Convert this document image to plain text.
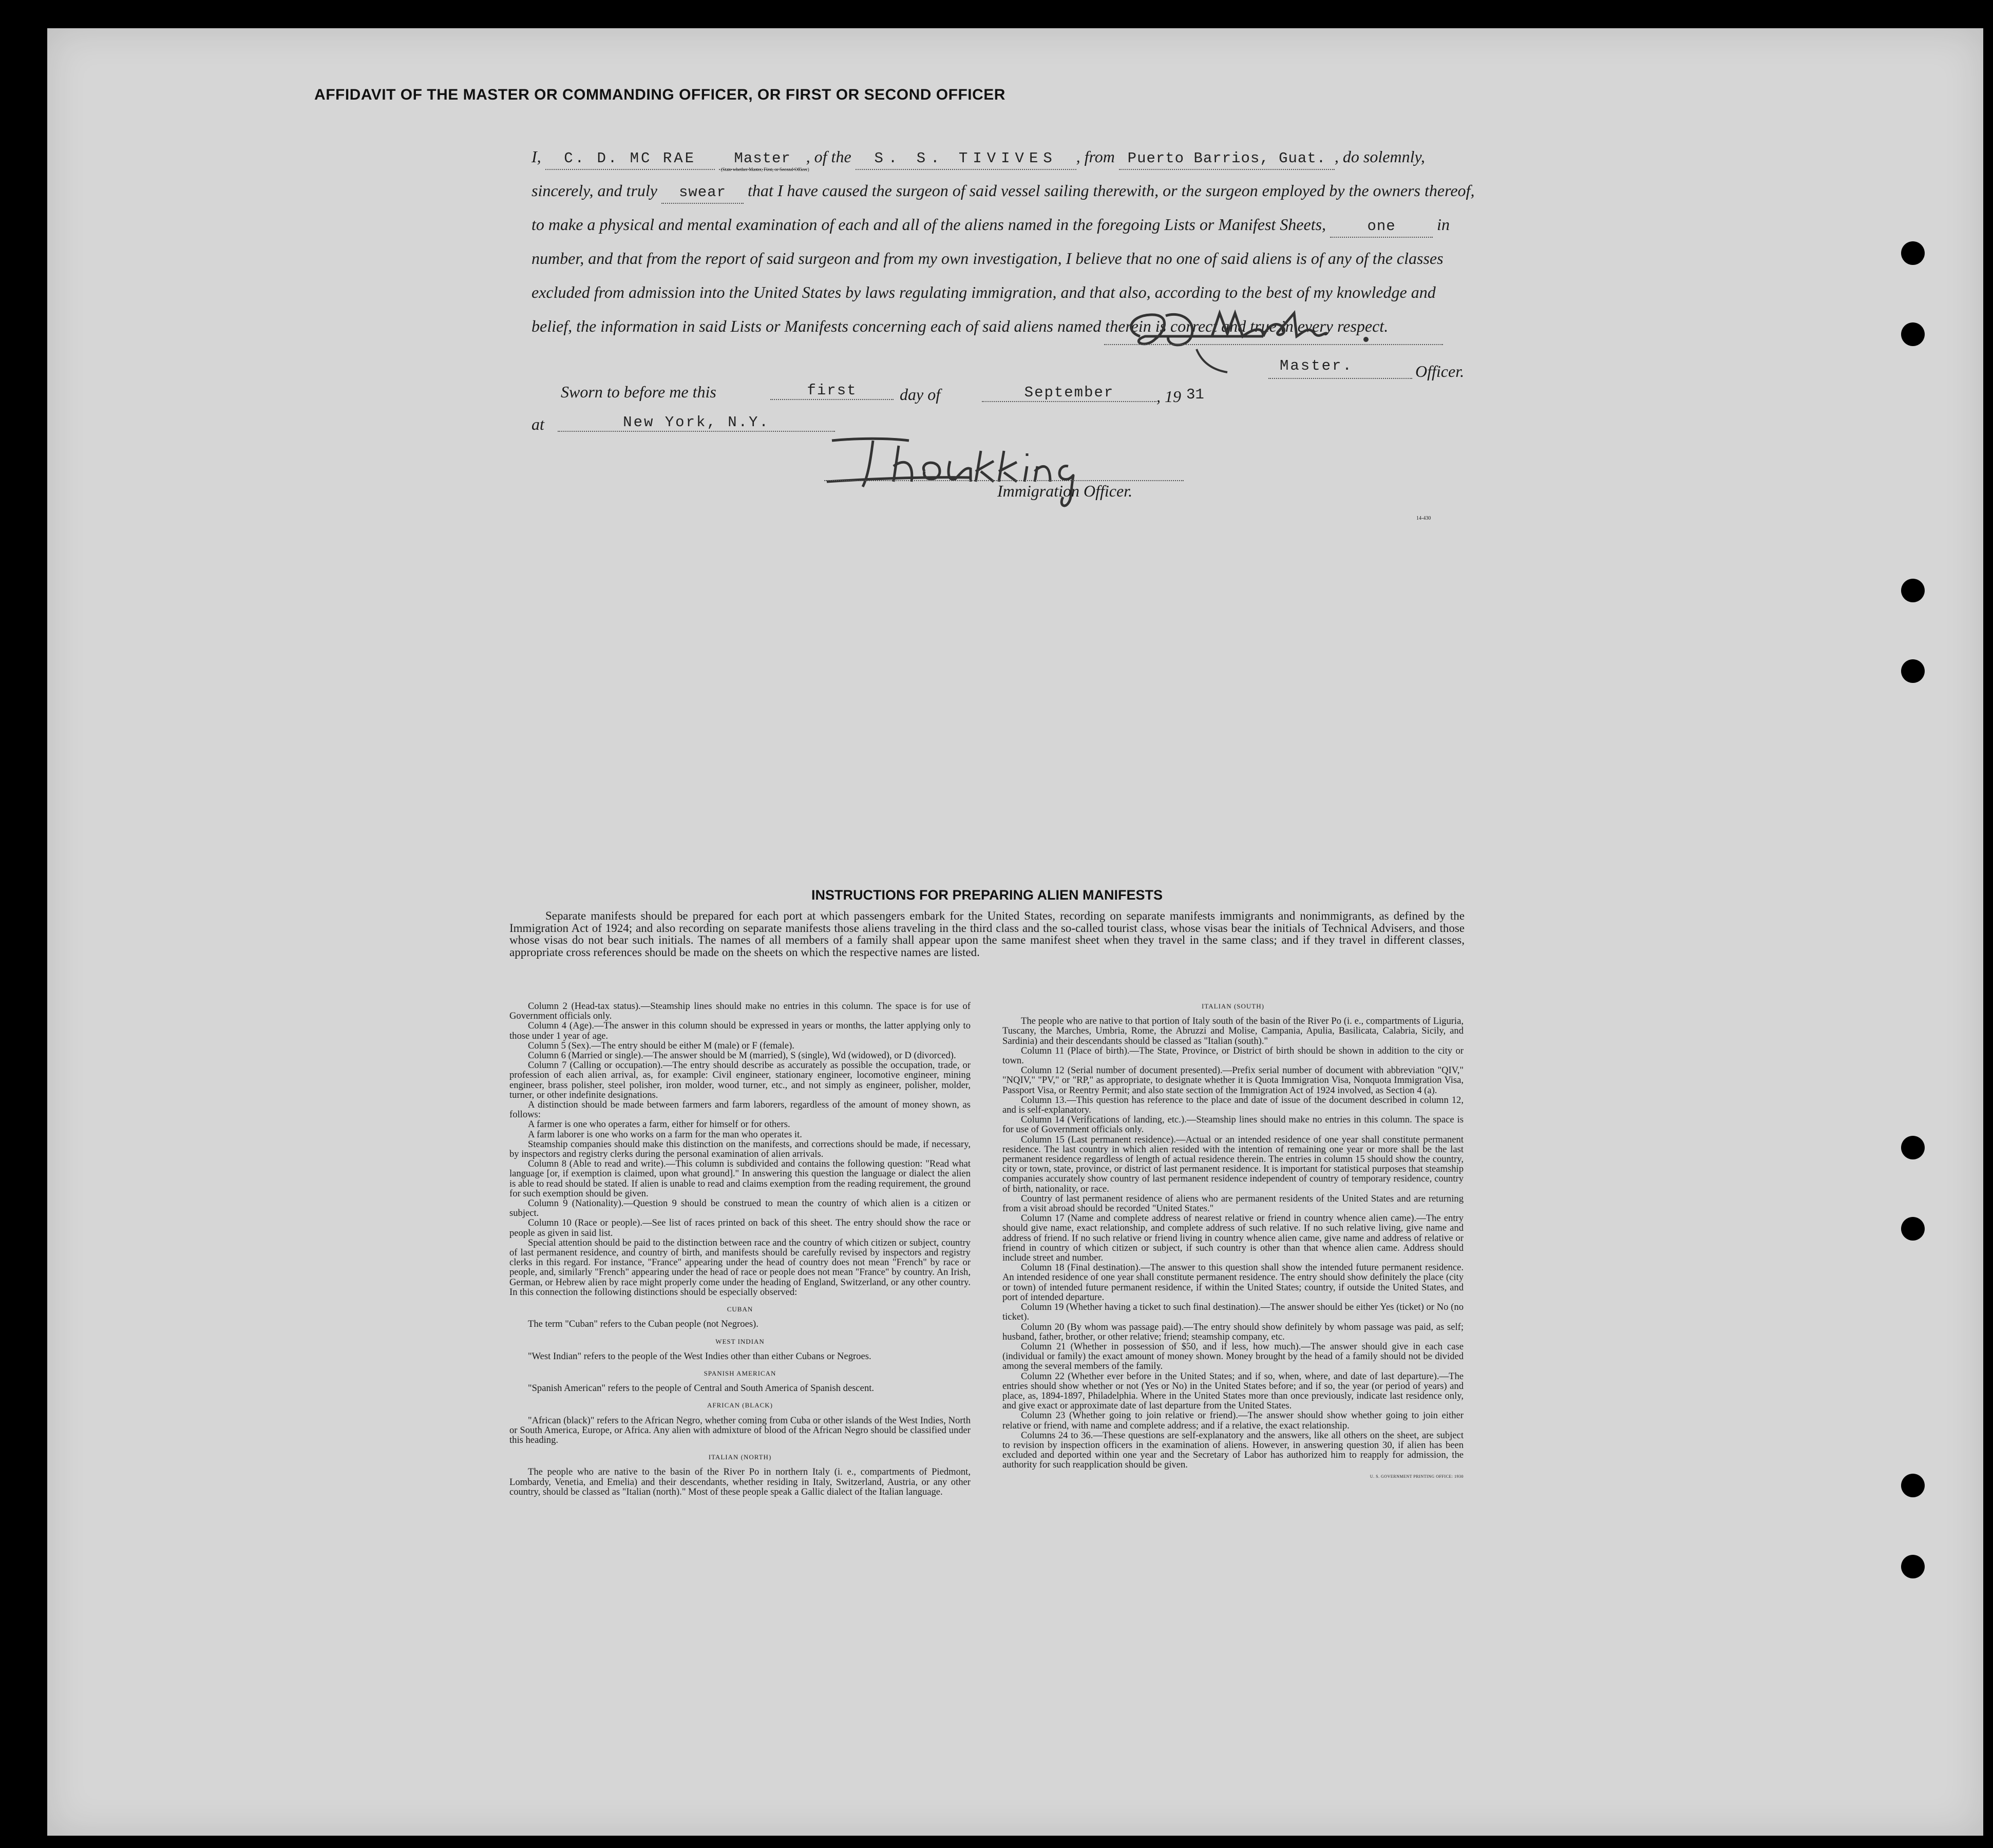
AFFIDAVIT OF THE MASTER OR COMMANDING OFFICER, OR FIRST OR SECOND OFFICER
I, C. D. MC RAE	Master
(State whether Master, First, or Second Officer)
, of the S. S. TIVIVES , from Puerto Barrios, Guat. , do solemnly, sincerely, and truly swear that I have caused the surgeon of said vessel sailing therewith, or the surgeon employed by the owners thereof, to make a physical and mental examination of each and all of the aliens named in the foregoing Lists or Manifest Sheets,	one	in number, and that from the report of said surgeon and from my own investigation, I believe that no one of said aliens is of any of the classes excluded from admission into the United States by laws regulating immigration, and that also, according to the best of my knowledge and belief, the information in said Lists or Manifests concerning each of said aliens named therein is correct and true in every respect.
Master.	Officer.
Sworn to before me this	first	day of	September	, 19 31
at	New York, N.Y.
Immigration Officer.
14-430
INSTRUCTIONS FOR PREPARING ALIEN MANIFESTS
Separate manifests should be prepared for each port at which passengers embark for the United States, recording on separate manifests immigrants and nonimmigrants, as defined by the Immigration Act of 1924; and also recording on separate manifests those aliens traveling in the third class and the so-called tourist class, whose visas bear the initials of Technical Advisers, and those whose visas do not bear such initials. The names of all members of a family shall appear upon the same manifest sheet when they travel in the same class; and if they travel in different classes, appropriate cross references should be made on the sheets on which the respective names are listed.

Column 2 (Head-tax status).—Steamship lines should make no entries in this column. The space is for use of Government officials only.

Column 4 (Age).—The answer in this column should be expressed in years or months, the latter applying only to those under 1 year of age.

Column 5 (Sex).—The entry should be either M (male) or F (female).

Column 6 (Married or single).—The answer should be M (married), S (single), Wd (widowed), or D (divorced).

Column 7 (Calling or occupation).—The entry should describe as accurately as possible the occupation, trade, or profession of each alien arrival, as, for example: Civil engineer, stationary engineer, locomotive engineer, mining engineer, brass polisher, steel polisher, iron molder, wood turner, etc., and not simply as engineer, polisher, molder, turner, or other indefinite designations.

A distinction should be made between farmers and farm laborers, regardless of the amount of money shown, as follows:

A farmer is one who operates a farm, either for himself or for others.

A farm laborer is one who works on a farm for the man who operates it.

Steamship companies should make this distinction on the manifests, and corrections should be made, if necessary, by inspectors and registry clerks during the personal examination of alien arrivals.

Column 8 (Able to read and write).—This column is subdivided and contains the following question: "Read what language [or, if exemption is claimed, upon what ground]." In answering this question the language or dialect the alien is able to read should be stated. If alien is unable to read and claims exemption from the reading requirement, the ground for such exemption should be given.

Column 9 (Nationality).—Question 9 should be construed to mean the country of which alien is a citizen or subject.

Column 10 (Race or people).—See list of races printed on back of this sheet. The entry should show the race or people as given in said list.

Special attention should be paid to the distinction between race and the country of which citizen or subject, country of last permanent residence, and country of birth, and manifests should be carefully revised by inspectors and registry clerks in this regard. For instance, "France" appearing under the head of country does not mean "French" by race or people, and, similarly "French" appearing under the head of race or people does not mean "France" by country. An Irish, German, or Hebrew alien by race might properly come under the heading of England, Switzerland, or any other country. In this connection the following distinctions should be especially observed:

CUBAN

The term "Cuban" refers to the Cuban people (not Negroes).

WEST INDIAN

"West Indian" refers to the people of the West Indies other than either Cubans or Negroes.

SPANISH AMERICAN

"Spanish American" refers to the people of Central and South America of Spanish descent.

AFRICAN (BLACK)

"African (black)" refers to the African Negro, whether coming from Cuba or other islands of the West Indies, North or South America, Europe, or Africa. Any alien with admixture of blood of the African Negro should be classified under this heading.

ITALIAN (NORTH)

The people who are native to the basin of the River Po in northern Italy (i. e., compartments of Piedmont, Lombardy, Venetia, and Emelia) and their descendants, whether residing in Italy, Switzerland, Austria, or any other country, should be classed as "Italian (north)." Most of these people speak a Gallic dialect of the Italian language.

ITALIAN (SOUTH)

The people who are native to that portion of Italy south of the basin of the River Po (i. e., compartments of Liguria, Tuscany, the Marches, Umbria, Rome, the Abruzzi and Molise, Campania, Apulia, Basilicata, Calabria, Sicily, and Sardinia) and their descendants should be classed as "Italian (south)."

Column 11 (Place of birth).—The State, Province, or District of birth should be shown in addition to the city or town.

Column 12 (Serial number of document presented).—Prefix serial number of document with abbreviation "QIV," "NQIV," "PV," or "RP," as appropriate, to designate whether it is Quota Immigration Visa, Nonquota Immigration Visa, Passport Visa, or Reentry Permit; and also state section of the Immigration Act of 1924 involved, as Section 4 (a).

Column 13.—This question has reference to the place and date of issue of the document described in column 12, and is self-explanatory.

Column 14 (Verifications of landing, etc.).—Steamship lines should make no entries in this column. The space is for use of Government officials only.

Column 15 (Last permanent residence).—Actual or an intended residence of one year shall constitute permanent residence. The last country in which alien resided with the intention of remaining one year or more shall be the last permanent residence regardless of length of actual residence therein. The entries in column 15 should show the country, city or town, state, province, or district of last permanent residence. It is important for statistical purposes that steamship companies accurately show country of last permanent residence independent of country of temporary residence, country of birth, nationality, or race.

Country of last permanent residence of aliens who are permanent residents of the United States and are returning from a visit abroad should be recorded "United States."

Column 17 (Name and complete address of nearest relative or friend in country whence alien came).—The entry should give name, exact relationship, and complete address of such relative. If no such relative living, give name and address of friend. If no such relative or friend living in country whence alien came, give name and address of relative or friend in country of which citizen or subject, if such country is other than that whence alien came. Address should include street and number.

Column 18 (Final destination).—The answer to this question shall show the intended future permanent residence. An intended residence of one year shall constitute permanent residence. The entry should show definitely the place (city or town) of intended future permanent residence, if within the United States; country, if outside the United States, and port of intended departure.

Column 19 (Whether having a ticket to such final destination).—The answer should be either Yes (ticket) or No (no ticket).

Column 20 (By whom was passage paid).—The entry should show definitely by whom passage was paid, as self; husband, father, brother, or other relative; friend; steamship company, etc.

Column 21 (Whether in possession of $50, and if less, how much).—The answer should give in each case (individual or family) the exact amount of money shown. Money brought by the head of a family should not be divided among the several members of the family.

Column 22 (Whether ever before in the United States; and if so, when, where, and date of last departure).—The entries should show whether or not (Yes or No) in the United States before; and if so, the year (or period of years) and place, as, 1894-1897, Philadelphia. Where in the United States more than once previously, indicate last residence only, and give exact or approximate date of last departure from the United States.

Column 23 (Whether going to join relative or friend).—The answer should show whether going to join either relative or friend, with name and complete address; and if a relative, the exact relationship.

Columns 24 to 36.—These questions are self-explanatory and the answers, like all others on the sheet, are subject to revision by inspection officers in the examination of aliens. However, in answering question 30, if alien has been excluded and deported within one year and the Secretary of Labor has authorized him to reapply for admission, the authority for such reapplication should be given.

U. S. GOVERNMENT PRINTING OFFICE: 1930
